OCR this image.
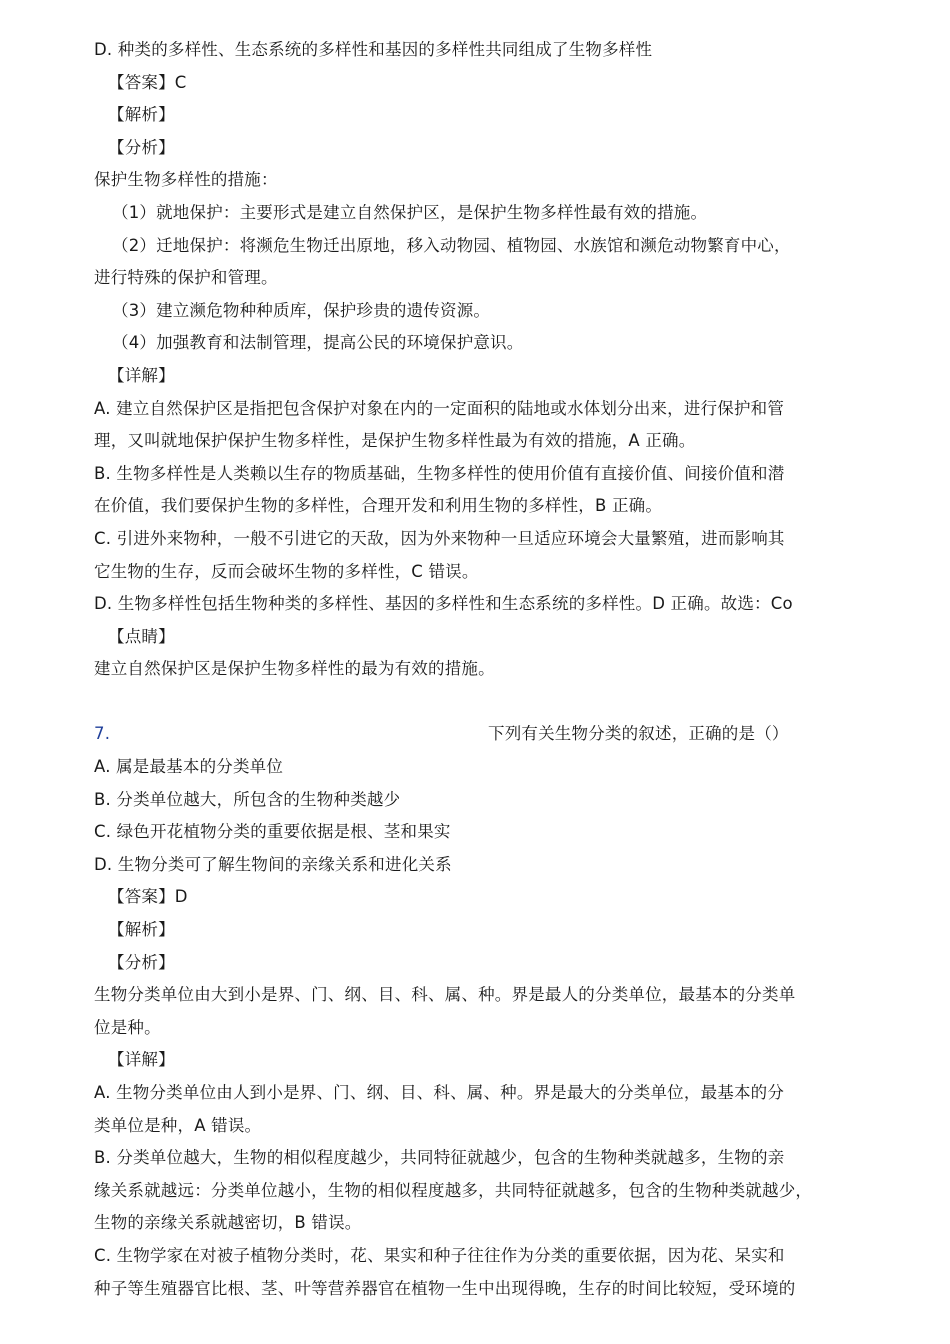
D. 种类的多样性、生态系统的多样性和基因的多样性共同组成了生物多样性
【答案】C
【解析】
【分析】
保护生物多样性的措施：
（1）就地保护：主要形式是建立自然保护区，是保护生物多样性最有效的措施。
（2）迁地保护：将濒危生物迁出原地，移入动物园、植物园、水族馆和濒危动物繁育中心，
进行特殊的保护和管理。
（3）建立濒危物种种质库，保护珍贵的遗传资源。
（4）加强教育和法制管理，提高公民的环境保护意识。
【详解】
A. 建立自然保护区是指把包含保护对象在内的一定面积的陆地或水体划分出来，进行保护和管
理，又叫就地保护保护生物多样性，是保护生物多样性最为有效的措施，A 正确。
B. 生物多样性是人类赖以生存的物质基础，生物多样性的使用价值有直接价值、间接价值和潜
在价值，我们要保护生物的多样性，合理开发和利用生物的多样性，B 正确。
C. 引进外来物种，一般不引进它的天敌，因为外来物种一旦适应环境会大量繁殖，进而影响其
它生物的生存，反而会破坏生物的多样性，C 错误。
D. 生物多样性包括生物种类的多样性、基因的多样性和生态系统的多样性。D 正确。故选：Co
【点睛】
建立自然保护区是保护生物多样性的最为有效的措施。
7.	下列有关生物分类的叙述，正确的是（）
A. 属是最基本的分类单位
B. 分类单位越大，所包含的生物种类越少
C. 绿色开花植物分类的重要依据是根、茎和果实
D. 生物分类可了解生物间的亲缘关系和进化关系
【答案】D
【解析】
【分析】
生物分类单位由大到小是界、门、纲、目、科、属、种。界是最人的分类单位，最基本的分类单
位是种。
【详解】
A. 生物分类单位由人到小是界、门、纲、目、科、属、种。界是最大的分类单位，最基本的分
类单位是种，A 错误。
B. 分类单位越大，生物的相似程度越少，共同特征就越少，包含的生物种类就越多，生物的亲
缘关系就越远：分类单位越小，生物的相似程度越多，共同特征就越多，包含的生物种类就越少，
生物的亲缘关系就越密切，B 错误。
C. 生物学家在对被子植物分类时，花、果实和种子往往作为分类的重要依据，因为花、呆实和
种子等生殖器官比根、茎、叶等营养器官在植物一生中出现得晚，生存的时间比较短，受环境的
